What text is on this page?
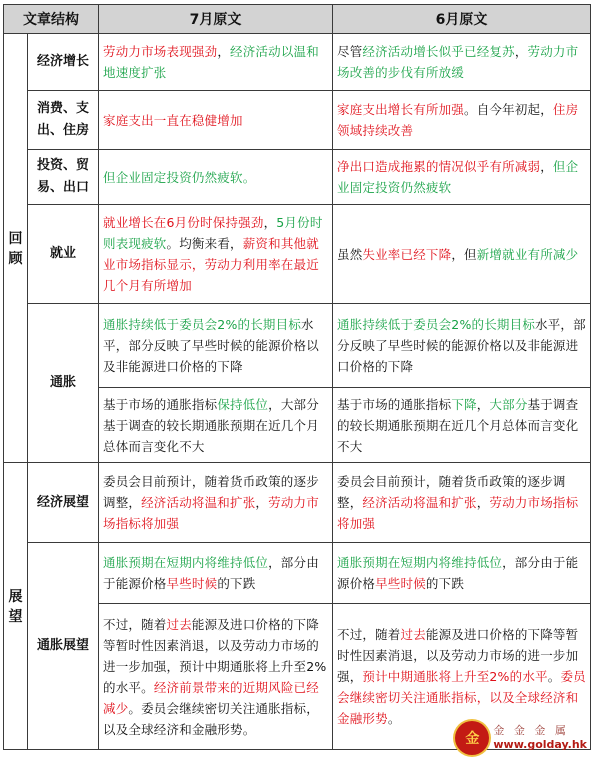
文章结构		7月原文	6月原文

回
顾	经济增长	劳动力市场表现强劲，经济活动以温和地速度扩张	尽管经济活动增长似乎已经复苏，劳动力市场改善的步伐有所放缓
	消费、支出、住房	家庭支出一直在稳健增加	家庭支出增长有所加强。自今年初起，住房领域持续改善
	投资、贸易、出口	但企业固定投资仍然疲软。	净出口造成拖累的情况似乎有所减弱，但企业固定投资仍然疲软
	就业	就业增长在6月份时保持强劲，5月份时则表现疲软。均衡来看，薪资和其他就业市场指标显示，劳动力利用率在最近几个月有所增加	虽然失业率已经下降，但新增就业有所减少
	通胀	通胀持续低于委员会2%的长期目标水平，部分反映了早些时候的能源价格以及非能源进口价格的下降	通胀持续低于委员会2%的长期目标水平，部分反映了早些时候的能源价格以及非能源进口价格的下降
		基于市场的通胀指标保持低位，大部分基于调查的较长期通胀预期在近几个月总体而言变化不大	基于市场的通胀指标下降，大部分基于调查的较长期通胀预期在近几个月总体而言变化不大

展
望	经济展望	委员会目前预计，随着货币政策的逐步调整，经济活动将温和扩张，劳动力市场指标将加强	委员会目前预计，随着货币政策的逐步调整，经济活动将温和扩张，劳动力市场指标将加强
	通胀展望	通胀预期在短期内将维持低位，部分由于能源价格早些时候的下跌	通胀预期在短期内将维持低位，部分由于能源价格早些时候的下跌
		不过，随着过去能源及进口价格的下降等暂时性因素消退，以及劳动力市场的进一步加强，预计中期通胀将上升至2%的水平。经济前景带来的近期风险已经减少。委员会继续密切关注通胀指标，以及全球经济和金融形势。	不过，随着过去能源及进口价格的下降等暂时性因素消退，以及劳动力市场的进一步加强，预计中期通胀将上升至2%的水平。委员会继续密切关注通胀指标，以及全球经济和金融形势。
金
金 金 金 属
www.golday.hk
